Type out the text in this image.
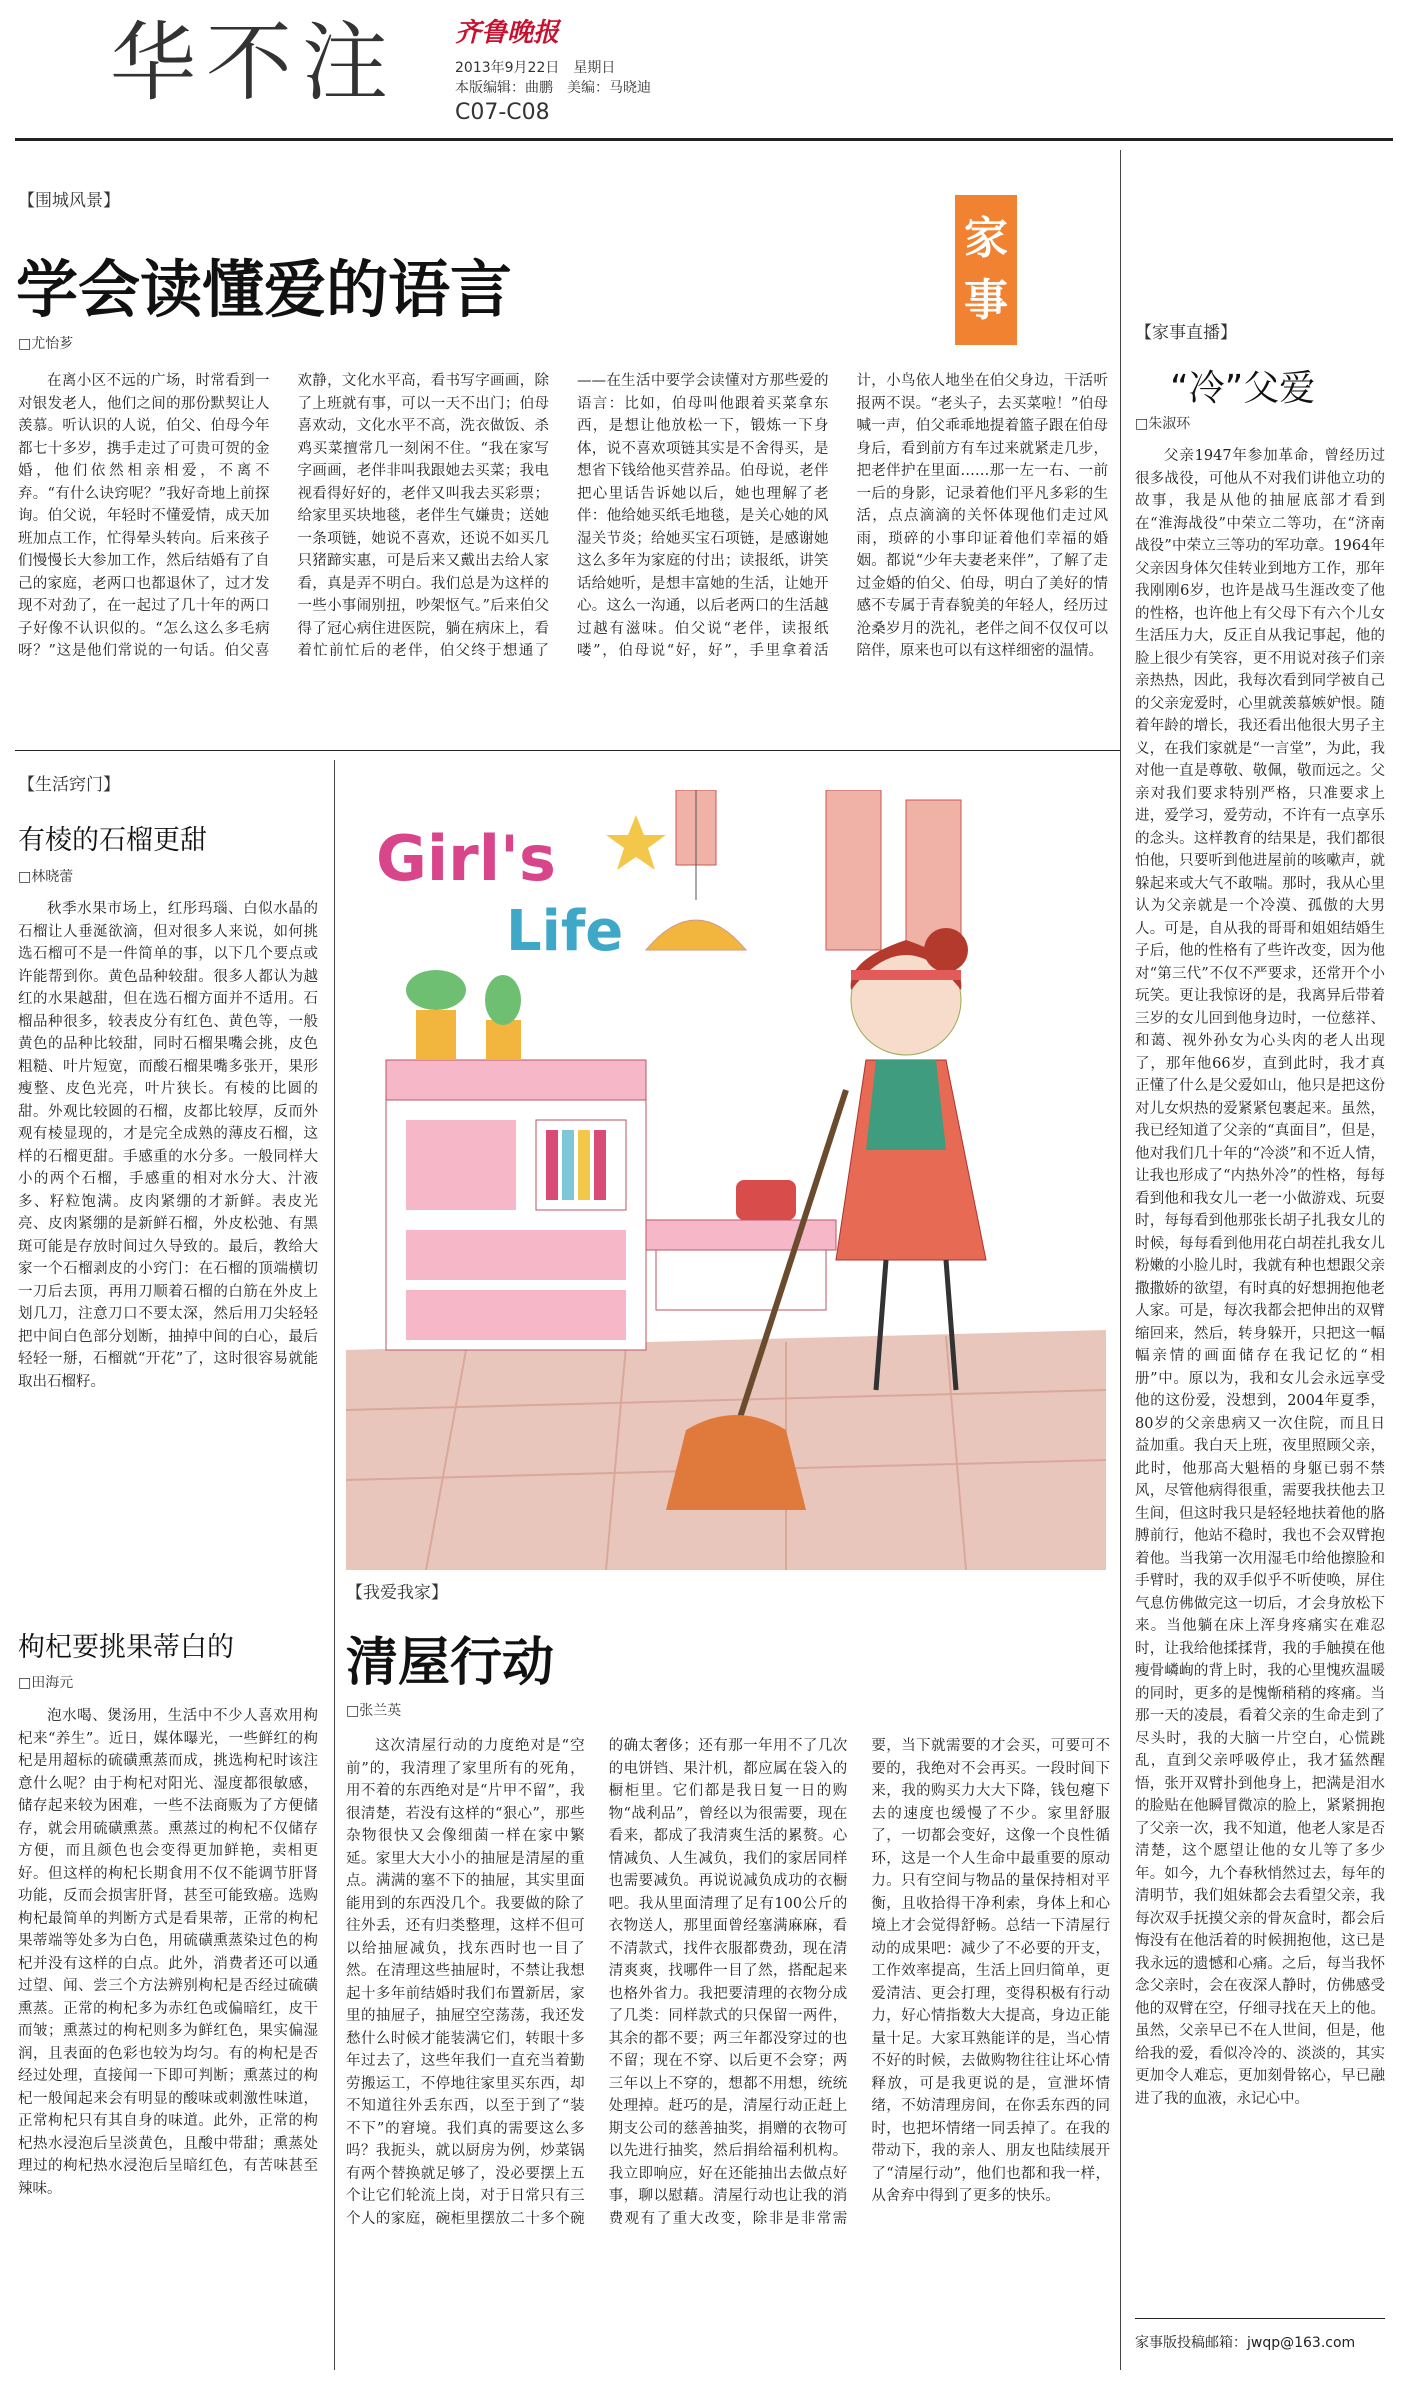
华不注 齐鲁晚报
2013年9月22日　星期日
本版编辑：曲鹏　美编：马晓迪
C07-C08
【围城风景】
学会读懂爱的语言
□尤怡芗
家
事

在离小区不远的广场，时常看到一对银发老人，他们之间的那份默契让人羡慕。听认识的人说，伯父、伯母今年都七十多岁，携手走过了可贵可贺的金婚，他们依然相亲相爱，不离不弃。“有什么诀窍呢？”我好奇地上前探询。伯父说，年轻时不懂爱情，成天加班加点工作，忙得晕头转向。后来孩子们慢慢长大参加工作，然后结婚有了自己的家庭，老两口也都退休了，过才发现不对劲了，在一起过了几十年的两口子好像不认识似的。“怎么这么多毛病呀？”这是他们常说的一句话。伯父喜欢静，文化水平高，看书写字画画，除了上班就有事，可以一天不出门；伯母喜欢动，文化水平不高，洗衣做饭、杀鸡买菜擅常几一刻闲不住。“我在家写字画画，老伴非叫我跟她去买菜；我电视看得好好的，老伴又叫我去买彩票；给家里买块地毯，老伴生气嫌贵；送她一条项链，她说不喜欢，还说不如买几只猪蹄实惠，可是后来又戴出去给人家看，真是弄不明白。我们总是为这样的一些小事闹别扭，吵架怄气。”后来伯父得了冠心病住进医院，躺在病床上，看着忙前忙后的老伴，伯父终于想通了——在生活中要学会读懂对方那些爱的语言：比如，伯母叫他跟着买菜拿东西，是想让他放松一下，锻炼一下身体，说不喜欢项链其实是不舍得买，是想省下钱给他买营养品。伯母说，老伴把心里话告诉她以后，她也理解了老伴：他给她买纸毛地毯，是关心她的风湿关节炎；给她买宝石项链，是感谢她这么多年为家庭的付出；读报纸，讲笑话给她听，是想丰富她的生活，让她开心。这么一沟通，以后老两口的生活越过越有滋味。伯父说“老伴，读报纸喽”，伯母说“好，好”，手里拿着活计，小鸟依人地坐在伯父身边，干活听报两不误。“老头子，去买菜啦！”伯母喊一声，伯父乖乖地提着篮子跟在伯母身后，看到前方有车过来就紧走几步，把老伴护在里面……那一左一右、一前一后的身影，记录着他们平凡多彩的生活，点点滴滴的关怀体现他们走过风雨，琐碎的小事印证着他们幸福的婚姻。都说“少年夫妻老来伴”，了解了走过金婚的伯父、伯母，明白了美好的情感不专属于青春貌美的年轻人，经历过沧桑岁月的洗礼，老伴之间不仅仅可以陪伴，原来也可以有这样细密的温情。

【生活窍门】
有棱的石榴更甜
□林晓蕾

秋季水果市场上，红彤玛瑙、白似水晶的石榴让人垂涎欲滴，但对很多人来说，如何挑选石榴可不是一件简单的事，以下几个要点或许能帮到你。黄色品种较甜。很多人都认为越红的水果越甜，但在选石榴方面并不适用。石榴品种很多，较表皮分有红色、黄色等，一般黄色的品种比较甜，同时石榴果嘴会挑，皮色粗糙、叶片短宽，而酸石榴果嘴多张开，果形瘦整、皮色光亮，叶片狭长。有棱的比圆的甜。外观比较圆的石榴，皮都比较厚，反而外观有棱显现的，才是完全成熟的薄皮石榴，这样的石榴更甜。手感重的水分多。一般同样大小的两个石榴，手感重的相对水分大、汁液多、籽粒饱满。皮肉紧绷的才新鲜。表皮光亮、皮肉紧绷的是新鲜石榴，外皮松弛、有黑斑可能是存放时间过久导致的。最后，教给大家一个石榴剥皮的小窍门：在石榴的顶端横切一刀后去顶，再用刀顺着石榴的白筋在外皮上划几刀，注意刀口不要太深，然后用刀尖轻轻把中间白色部分划断，抽掉中间的白心，最后轻轻一掰，石榴就“开花”了，这时很容易就能取出石榴籽。

枸杞要挑果蒂白的
□田海元

泡水喝、煲汤用，生活中不少人喜欢用枸杞来“养生”。近日，媒体曝光，一些鲜红的枸杞是用超标的硫磺熏蒸而成，挑选枸杞时该注意什么呢？由于枸杞对阳光、湿度都很敏感，储存起来较为困难，一些不法商贩为了方便储存，就会用硫磺熏蒸。熏蒸过的枸杞不仅储存方便，而且颜色也会变得更加鲜艳，卖相更好。但这样的枸杞长期食用不仅不能调节肝肾功能，反而会损害肝肾，甚至可能致癌。选购枸杞最简单的判断方式是看果蒂，正常的枸杞果蒂端等处多为白色，用硫磺熏蒸染过色的枸杞并没有这样的白点。此外，消费者还可以通过望、闻、尝三个方法辨别枸杞是否经过硫磺熏蒸。正常的枸杞多为赤红色或偏暗红，皮干而皱；熏蒸过的枸杞则多为鲜红色，果实偏湿润，且表面的色彩也较为均匀。有的枸杞是否经过处理，直接闻一下即可判断；熏蒸过的枸杞一般闻起来会有明显的酸味或刺激性味道，正常枸杞只有其自身的味道。此外，正常的枸杞热水浸泡后呈淡黄色，且酸中带甜；熏蒸处理过的枸杞热水浸泡后呈暗红色，有苦味甚至辣味。

Girl's
Life
【我爱我家】
清屋行动
□张兰英

这次清屋行动的力度绝对是“空前”的，我清理了家里所有的死角，用不着的东西绝对是“片甲不留”，我很清楚，若没有这样的“狠心”，那些杂物很快又会像细菌一样在家中繁延。家里大大小小的抽屉是清屋的重点。满满的塞不下的抽屉，其实里面能用到的东西没几个。我要做的除了往外丢，还有归类整理，这样不但可以给抽屉减负，找东西时也一目了然。在清理这些抽屉时，不禁让我想起十多年前结婚时我们布置新居，家里的抽屉子，抽屉空空荡荡，我还发愁什么时候才能装满它们，转眼十多年过去了，这些年我们一直充当着勤劳搬运工，不停地往家里买东西，却不知道往外丢东西，以至于到了“装不下”的窘境。我们真的需要这么多吗？我扼头，就以厨房为例，炒菜锅有两个替换就足够了，没必要摆上五个让它们轮流上岗，对于日常只有三个人的家庭，碗柜里摆放二十多个碗的确太奢侈；还有那一年用不了几次的电饼铛、果汁机，都应属在袋入的橱柜里。它们都是我日复一日的购物“战利品”，曾经以为很需要，现在看来，都成了我清爽生活的累赘。心情减负、人生减负，我们的家居同样也需要减负。再说说减负成功的衣橱吧。我从里面清理了足有100公斤的衣物送人，那里面曾经塞满麻麻，看不清款式，找件衣服都费劲，现在清清爽爽，找哪件一目了然，搭配起来也格外省力。我把要清理的衣物分成了几类：同样款式的只保留一两件，其余的都不要；两三年都没穿过的也不留；现在不穿、以后更不会穿；两三年以上不穿的，想都不用想，统统处理掉。赶巧的是，清屋行动正赶上期支公司的慈善抽奖，捐赠的衣物可以先进行抽奖，然后捐给福利机构。我立即响应，好在还能抽出去做点好事，聊以慰藉。清屋行动也让我的消费观有了重大改变，除非是非常需要，当下就需要的才会买，可要可不要的，我绝对不会再买。一段时间下来，我的购买力大大下降，钱包瘪下去的速度也缓慢了不少。家里舒服了，一切都会变好，这像一个良性循环，这是一个人生命中最重要的原动力。只有空间与物品的量保持相对平衡，且收拾得干净利索，身体上和心境上才会觉得舒畅。总结一下清屋行动的成果吧：减少了不必要的开支，工作效率提高，生活上回归简单，更爱清洁、更会打理，变得积极有行动力，好心情指数大大提高，身边正能量十足。大家耳熟能详的是，当心情不好的时候，去做购物往往让坏心情释放，可是我更说的是，宣泄坏情绪，不妨清理房间，在你丢东西的同时，也把坏情绪一同丢掉了。在我的带动下，我的亲人、朋友也陆续展开了“清屋行动”，他们也都和我一样，从舍弃中得到了更多的快乐。

【家事直播】
“冷”父爱
□朱淑环

父亲1947年参加革命，曾经历过很多战役，可他从不对我们讲他立功的故事，我是从他的抽屉底部才看到在“淮海战役”中荣立二等功，在“济南战役”中荣立三等功的军功章。1964年父亲因身体欠佳转业到地方工作，那年我刚刚6岁，也许是战马生涯改变了他的性格，也许他上有父母下有六个儿女生活压力大，反正自从我记事起，他的脸上很少有笑容，更不用说对孩子们亲亲热热，因此，我每次看到同学被自己的父亲宠爱时，心里就羡慕嫉妒恨。随着年龄的增长，我还看出他很大男子主义，在我们家就是“一言堂”，为此，我对他一直是尊敬、敬佩，敬而远之。父亲对我们要求特别严格，只准要求上进，爱学习，爱劳动，不许有一点享乐的念头。这样教育的结果是，我们都很怕他，只要听到他进屋前的咳嗽声，就躲起来或大气不敢喘。那时，我从心里认为父亲就是一个冷漠、孤傲的大男人。可是，自从我的哥哥和姐姐结婚生子后，他的性格有了些许改变，因为他对“第三代”不仅不严要求，还常开个小玩笑。更让我惊讶的是，我离异后带着三岁的女儿回到他身边时，一位慈祥、和蔼、视外孙女为心头肉的老人出现了，那年他66岁，直到此时，我才真正懂了什么是父爱如山，他只是把这份对儿女炽热的爱紧紧包裹起来。虽然，我已经知道了父亲的“真面目”，但是，他对我们几十年的“冷淡”和不近人情，让我也形成了“内热外冷”的性格，每每看到他和我女儿一老一小做游戏、玩耍时，每每看到他那张长胡子扎我女儿的时候，每每看到他用花白胡茬扎我女儿粉嫩的小脸儿时，我就有种也想跟父亲撒撒娇的欲望，有时真的好想拥抱他老人家。可是，每次我都会把伸出的双臂缩回来，然后，转身躲开，只把这一幅幅亲情的画面储存在我记忆的“相册”中。原以为，我和女儿会永远享受他的这份爱，没想到，2004年夏季，80岁的父亲患病又一次住院，而且日益加重。我白天上班，夜里照顾父亲，此时，他那高大魁梧的身躯已弱不禁风，尽管他病得很重，需要我扶他去卫生间，但这时我只是轻轻地扶着他的胳膊前行，他站不稳时，我也不会双臂抱着他。当我第一次用湿毛巾给他擦脸和手臂时，我的双手似乎不听使唤，屏住气息仿佛做完这一切后，才会身放松下来。当他躺在床上浑身疼痛实在难忍时，让我给他揉揉背，我的手触摸在他瘦骨嶙峋的背上时，我的心里愧疚温暖的同时，更多的是愧惭稍稍的疼痛。当那一天的凌晨，看着父亲的生命走到了尽头时，我的大脑一片空白，心慌跳乱，直到父亲呼吸停止，我才猛然醒悟，张开双臂扑到他身上，把满是泪水的脸贴在他瞬冒微凉的脸上，紧紧拥抱了父亲一次，我不知道，他老人家是否清楚，这个愿望让他的女儿等了多少年。如今，九个春秋悄然过去，每年的清明节，我们姐妹都会去看望父亲，我每次双手抚摸父亲的骨灰盒时，都会后悔没有在他活着的时候拥抱他，这已是我永远的遗憾和心痛。之后，每当我怀念父亲时，会在夜深人静时，仿佛感受他的双臂在空，仔细寻找在天上的他。虽然，父亲早已不在人世间，但是，他给我的爱，看似冷冷的、淡淡的，其实更加令人难忘，更加刻骨铭心，早已融进了我的血液，永记心中。

家事版投稿邮箱：jwqp@163.com
